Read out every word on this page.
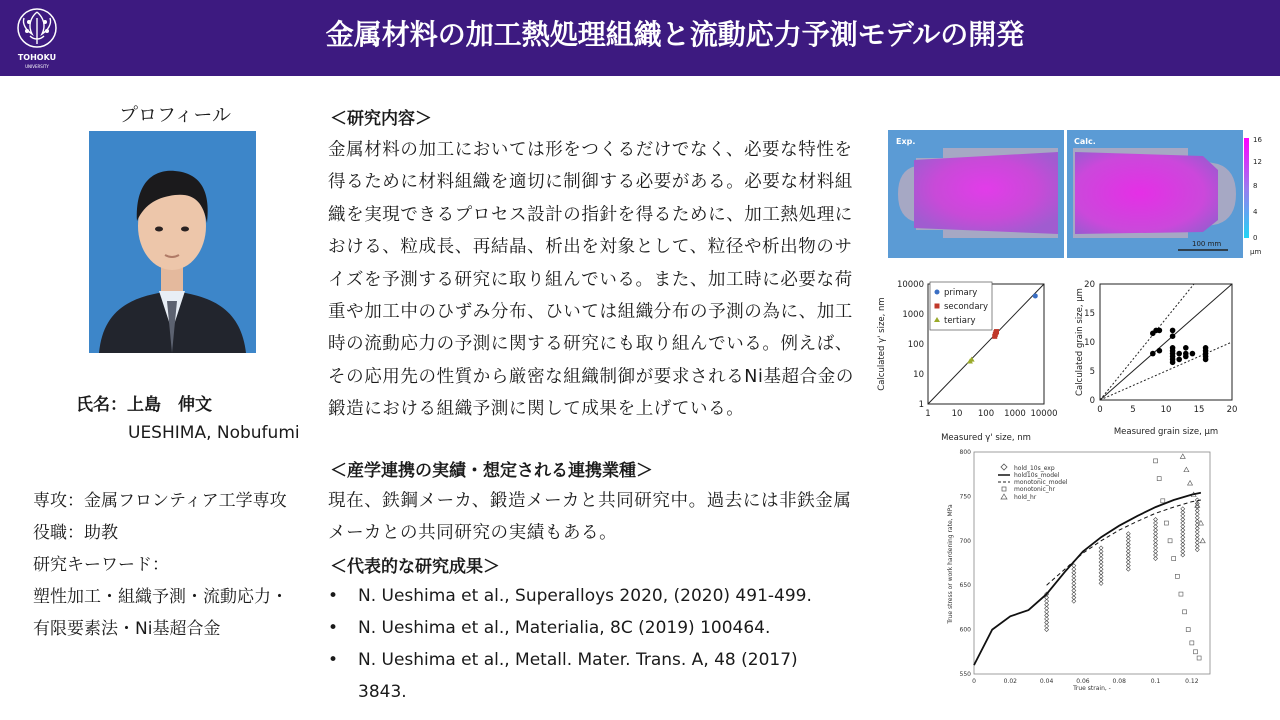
TOHOKU
UNIVERSITY
金属材料の加工熱処理組織と流動応力予測モデルの開発
プロフィール
氏名：上島　伸文
UESHIMA, Nobufumi
専攻：金属フロンティア工学専攻
役職：助教
研究キーワード：
塑性加工・組織予測・流動応力・
有限要素法・Ni基超合金
＜研究内容＞
金属材料の加工においては形をつくるだけでなく、必要な特性を得るために材料組織を適切に制御する必要がある。必要な材料組織を実現できるプロセス設計の指針を得るために、加工熱処理における、粒成長、再結晶、析出を対象として、粒径や析出物のサイズを予測する研究に取り組んでいる。また、加工時に必要な荷重や加工中のひずみ分布、ひいては組織分布の予測の為に、加工時の流動応力の予測に関する研究にも取り組んでいる。例えば、その応用先の性質から厳密な組織制御が要求されるNi基超合金の鍛造における組織予測に関して成果を上げている。
＜産学連携の実績・想定される連携業種＞
現在、鉄鋼メーカ、鍛造メーカと共同研究中。過去には非鉄金属メーカとの共同研究の実績もある。
＜代表的な研究成果＞
• N. Ueshima et al., Superalloys 2020, (2020) 491-499.
• N. Ueshima et al., Materialia, 8C (2019) 100464.
• N. Ueshima et al., Metall. Mater. Trans. A, 48 (2017)
3843.
Exp.	Calc.	16
12
8
4
0
μm
100 mm
1 10 100 1000 10000
1
10
100
1000
10000
primary
secondary
tertiary
Measured γ' size, nm
Calculated γ' size, nm
0	5	10	15	20
0
5
10
15
20
Measured grain size, μm
Calculated grain size, μm
0	0.02	0.04	0.06	0.08	0.1	0.12
550
600
650
700
750
800
hold_10s_exp
hold10s_model
monotonic_model
monotonic_hr
hold_hr
True strain, -
True stress or work hardening rate, MPa
